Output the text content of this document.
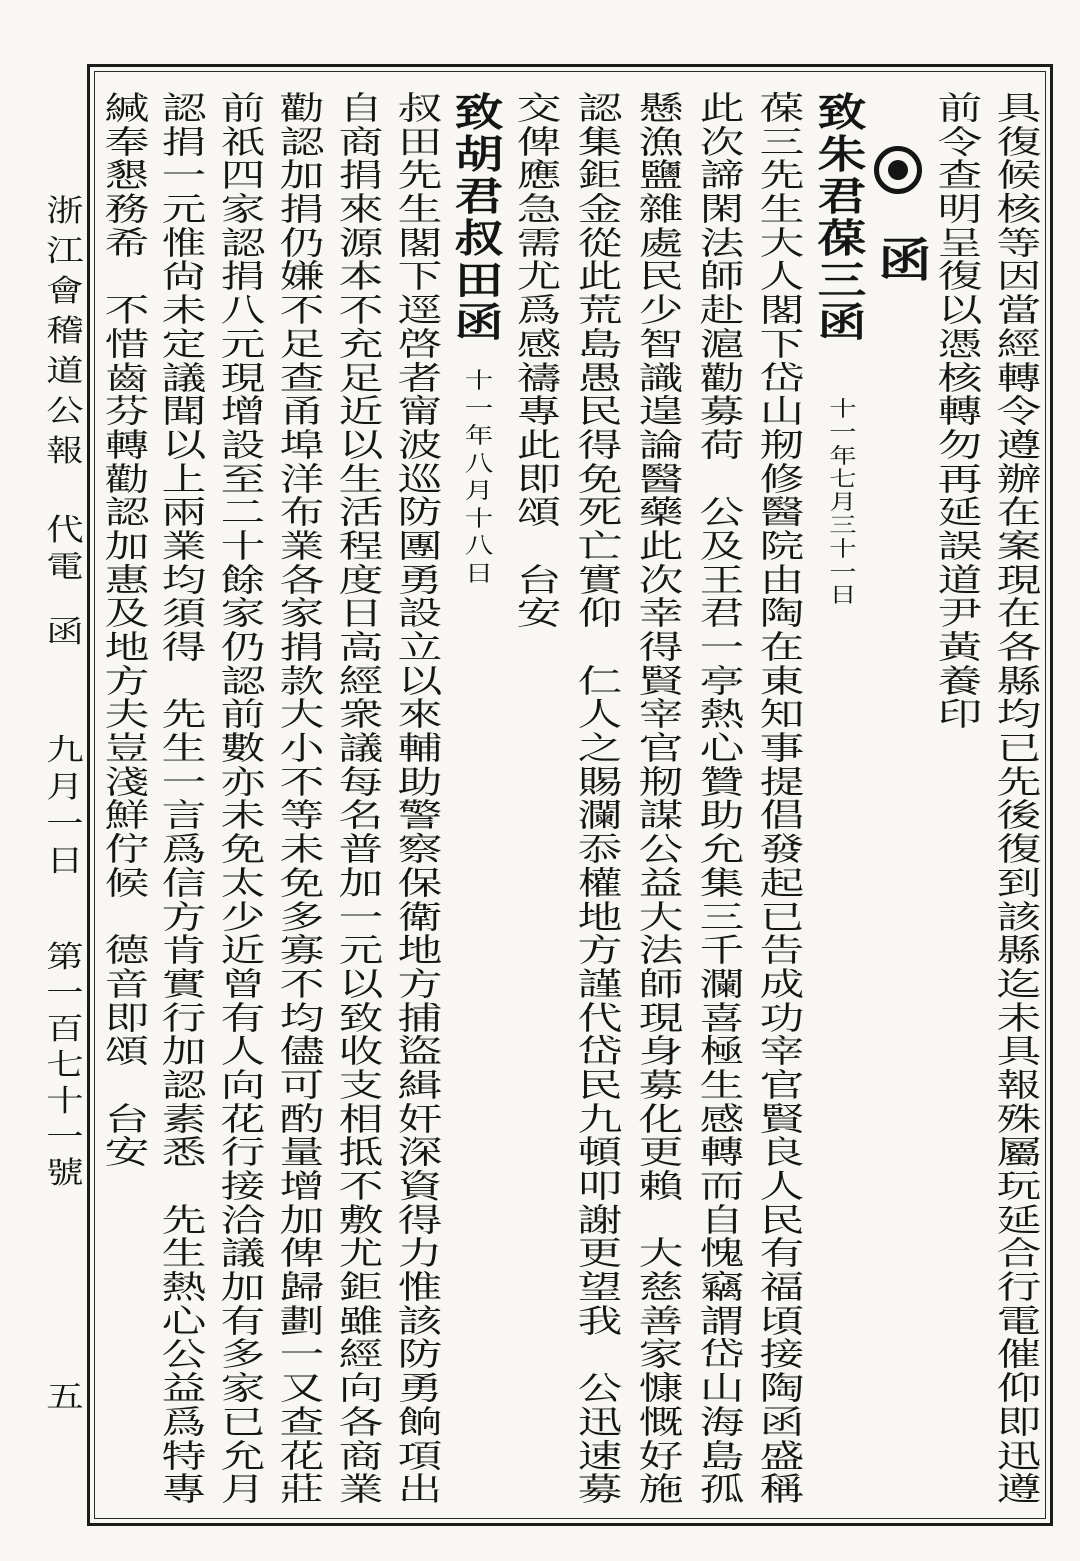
浙
江
會
稽
道
公
報
代
電
函
九
月
一
日
第
一
百
七
十
一
號
五
具
復
候
核
等
因
當
經
轉
令
遵
辦
在
案
現
在
各
縣
均
已
先
後
復
到
該
縣
迄
未
具
報
殊
屬
玩
延
合
行
電
催
仰
即
迅
遵
前
令
查
明
呈
復
以
憑
核
轉
勿
再
延
誤
道
尹
黃
養
印
函
致
朱
君
葆
三
函
十
一
年
七
月
三
十
一
日
葆
三
先
生
大
人
閣
下
岱
山
剏
修
醫
院
由
陶
在
東
知
事
提
倡
發
起
已
告
成
功
宰
官
賢
良
人
民
有
福
頃
接
陶
函
盛
稱
此
次
諦
閑
法
師
赴
滬
勸
募
荷

公
及
王
君
一
亭
熱
心
贊
助
允
集
三
千
瀾
喜
極
生
感
轉
而
自
愧
竊
謂
岱
山
海
島
孤
懸
漁
鹽
雜
處
民
少
智
識
遑
論
醫
藥
此
次
幸
得
賢
宰
官
剏
謀
公
益
大
法
師
現
身
募
化
更
賴

大
慈
善
家
慷
慨
好
施
認
集
鉅
金
從
此
荒
島
愚
民
得
免
死
亡
實
仰

仁
人
之
賜
瀾
忝
權
地
方
謹
代
岱
民
九
頓
叩
謝
更
望
我

公
迅
速
募
交
俾
應
急
需
尤
爲
感
禱
專
此
即
頌

台
安
致
胡
君
叔
田
函
十
一
年
八
月
十
八
日
叔
田
先
生
閣
下
逕
啓
者
甯
波
巡
防
團
勇
設
立
以
來
輔
助
警
察
保
衛
地
方
捕
盜
緝
奸
深
資
得
力
惟
該
防
勇
餉
項
出
自
商
捐
來
源
本
不
充
足
近
以
生
活
程
度
日
高
經
衆
議
每
名
普
加
一
元
以
致
收
支
相
抵
不
敷
尤
鉅
雖
經
向
各
商
業
勸
認
加
捐
仍
嫌
不
足
查
甬
埠
洋
布
業
各
家
捐
款
大
小
不
等
未
免
多
寡
不
均
儘
可
酌
量
增
加
俾
歸
劃
一
又
查
花
莊
前
祇
四
家
認
捐
八
元
現
增
設
至
二
十
餘
家
仍
認
前
數
亦
未
免
太
少
近
曾
有
人
向
花
行
接
洽
議
加
有
多
家
已
允
月
認
捐
一
元
惟
尙
未
定
議
聞
以
上
兩
業
均
須
得

先
生
一
言
爲
信
方
肯
實
行
加
認
素
悉

先
生
熱
心
公
益
爲
特
專
緘
奉
懇
務
希

不
惜
齒
芬
轉
勸
認
加
惠
及
地
方
夫
豈
淺
鮮
佇
候

德
音
即
頌

台
安
